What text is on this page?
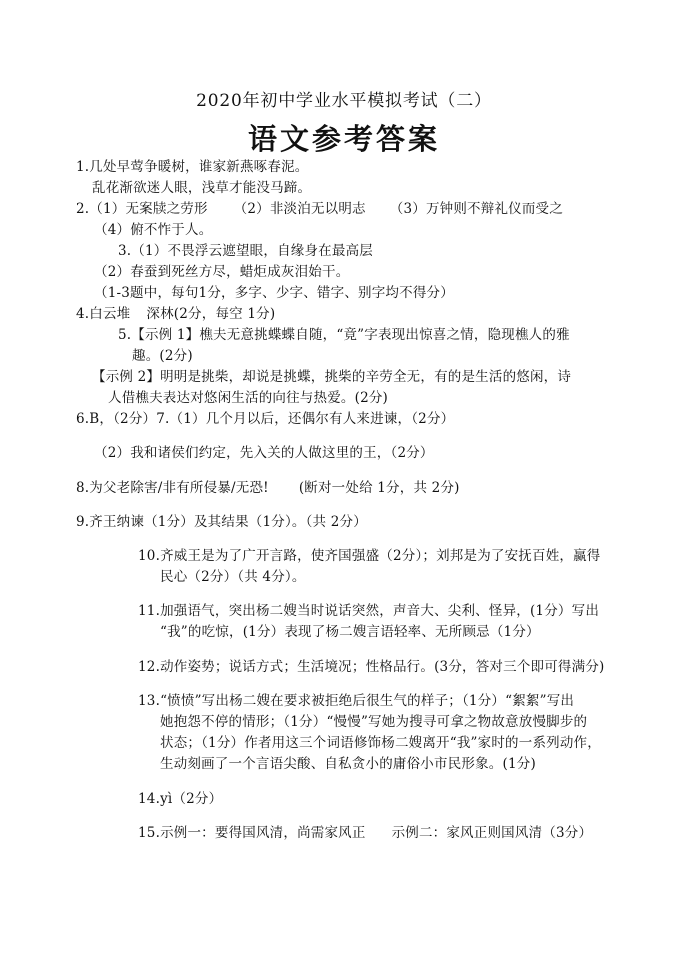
2020年初中学业水平模拟考试（二）
语文参考答案
1.几处早莺争暖树，谁家新燕啄春泥。
乱花渐欲迷人眼，浅草才能没马蹄。
2.（1）无案牍之劳形 （2）非淡泊无以明志 （3）万钟则不辩礼仪而受之
（4）俯不怍于人。
3.（1）不畏浮云遮望眼，自缘身在最高层
（2）春蚕到死丝方尽，蜡炬成灰泪始干。
（1-3题中，每句1分，多字、少字、错字、别字均不得分）
4.白云堆 深林(2分，每空 1分)
5.【示例 1】樵夫无意挑蝶蝶自随，“竟”字表现出惊喜之情，隐现樵人的雅
趣。(2分)
【示例 2】明明是挑柴，却说是挑蝶，挑柴的辛劳全无，有的是生活的悠闲，诗
人借樵夫表达对悠闲生活的向往与热爱。(2分)
6.B，（2分）7.（1）几个月以后，还偶尔有人来进谏，（2分）
（2）我和诸侯们约定，先入关的人做这里的王，（2分）
8.为父老除害/非有所侵暴/无恐! (断对一处给 1分，共 2分)
9.齐王纳谏（1分）及其结果（1分）。（共 2分）
10.齐威王是为了广开言路，使齐国强盛（2分）；刘邦是为了安抚百姓，赢得
民心（2分）（共 4分）。
11.加强语气，突出杨二嫂当时说话突然，声音大、尖利、怪异，(1分）写出
“我”的吃惊，(1分）表现了杨二嫂言语轻率、无所顾忌（1分）
12.动作姿势；说话方式；生活境况；性格品行。(3分，答对三个即可得满分)
13.“愤愤”写出杨二嫂在要求被拒绝后很生气的样子；（1分）“絮絮”写出
她抱怨不停的情形；（1分）“慢慢”写她为搜寻可拿之物故意放慢脚步的
状态；（1分）作者用这三个词语修饰杨二嫂离开“我”家时的一系列动作，
生动刻画了一个言语尖酸、自私贪小的庸俗小市民形象。(1分)
14.yì（2分）
15.示例一：要得国风清，尚需家风正 示例二：家风正则国风清（3分）
